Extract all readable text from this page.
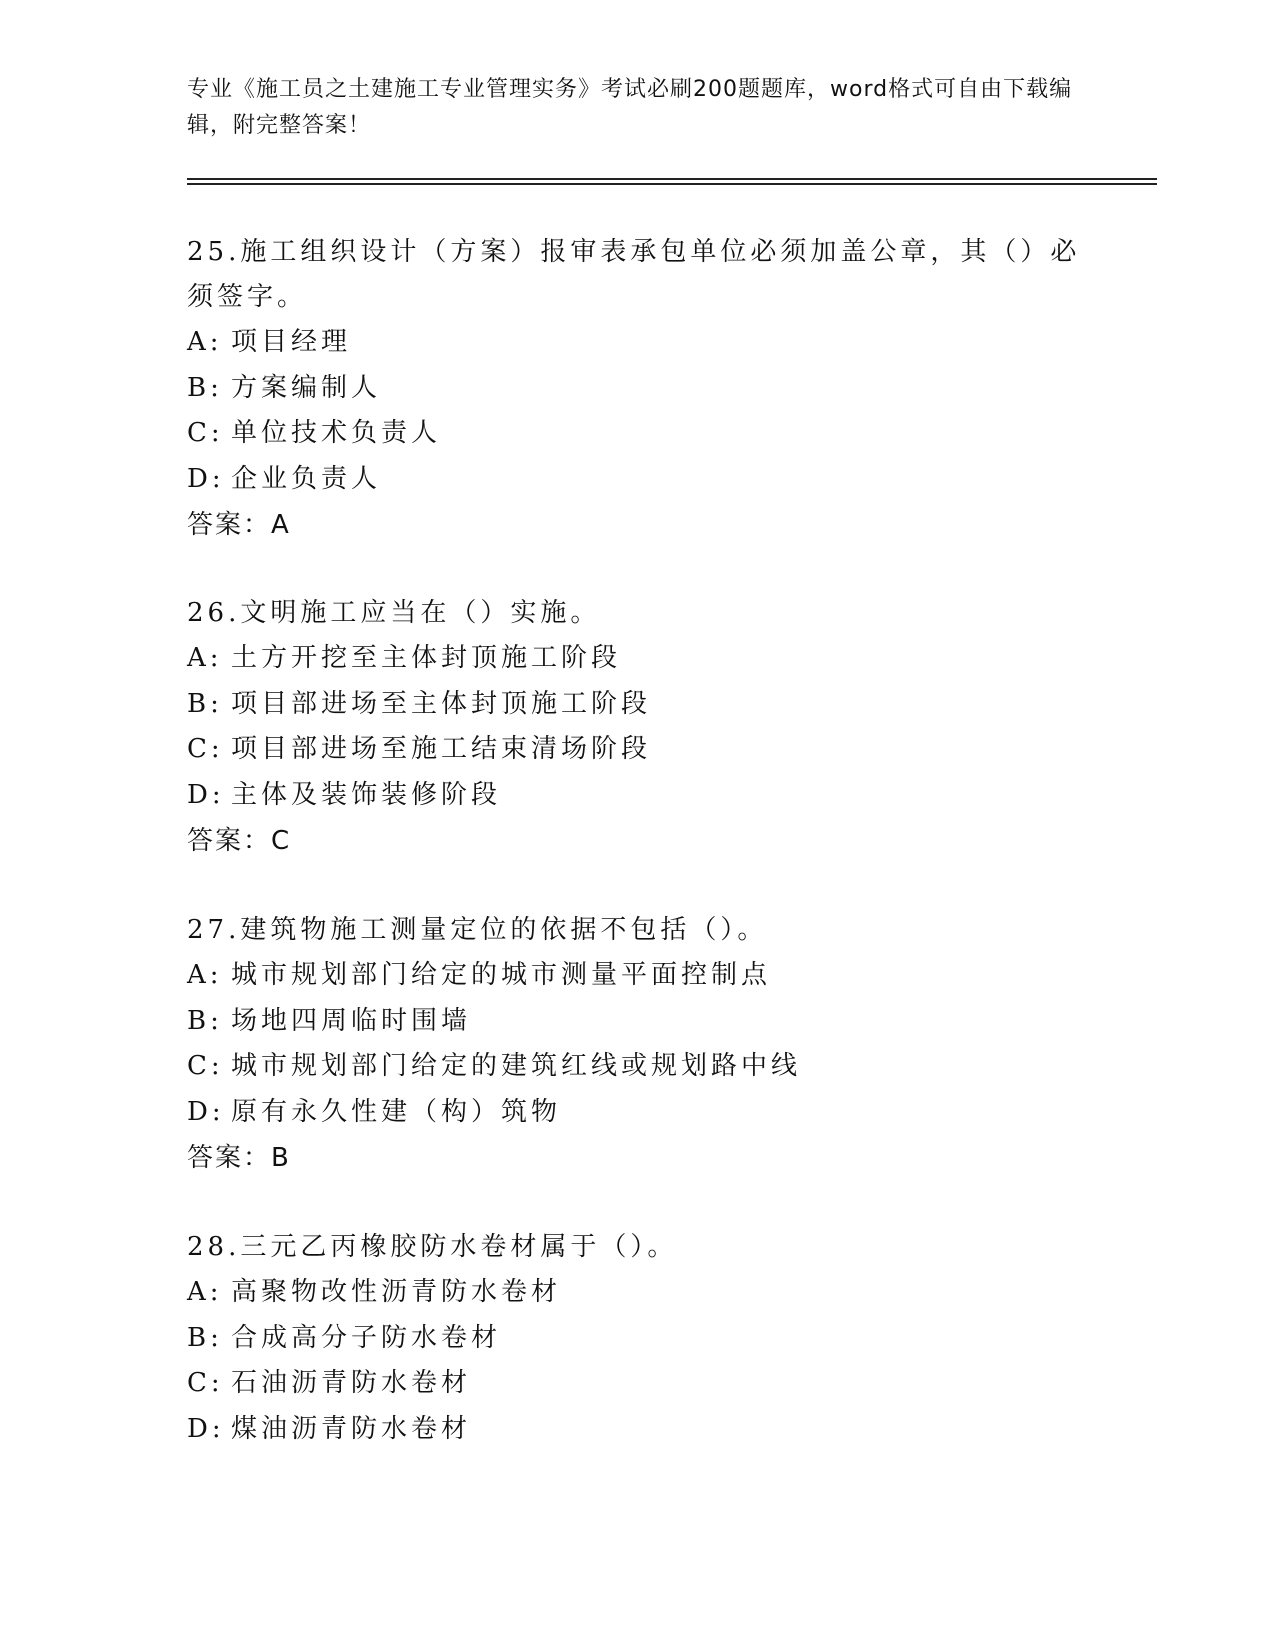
专业《施工员之土建施工专业管理实务》考试必刷200题题库，word格式可自由下载编辑，附完整答案！
25.施工组织设计（方案）报审表承包单位必须加盖公章，其（）必须签字。
A: 项目经理
B: 方案编制人
C: 单位技术负责人
D: 企业负责人
答案：A
26.文明施工应当在（）实施。
A: 土方开挖至主体封顶施工阶段
B: 项目部进场至主体封顶施工阶段
C: 项目部进场至施工结束清场阶段
D: 主体及装饰装修阶段
答案：C
27.建筑物施工测量定位的依据不包括（）。
A: 城市规划部门给定的城市测量平面控制点
B: 场地四周临时围墙
C: 城市规划部门给定的建筑红线或规划路中线
D: 原有永久性建（构）筑物
答案：B
28.三元乙丙橡胶防水卷材属于（）。
A: 高聚物改性沥青防水卷材
B: 合成高分子防水卷材
C: 石油沥青防水卷材
D: 煤油沥青防水卷材
